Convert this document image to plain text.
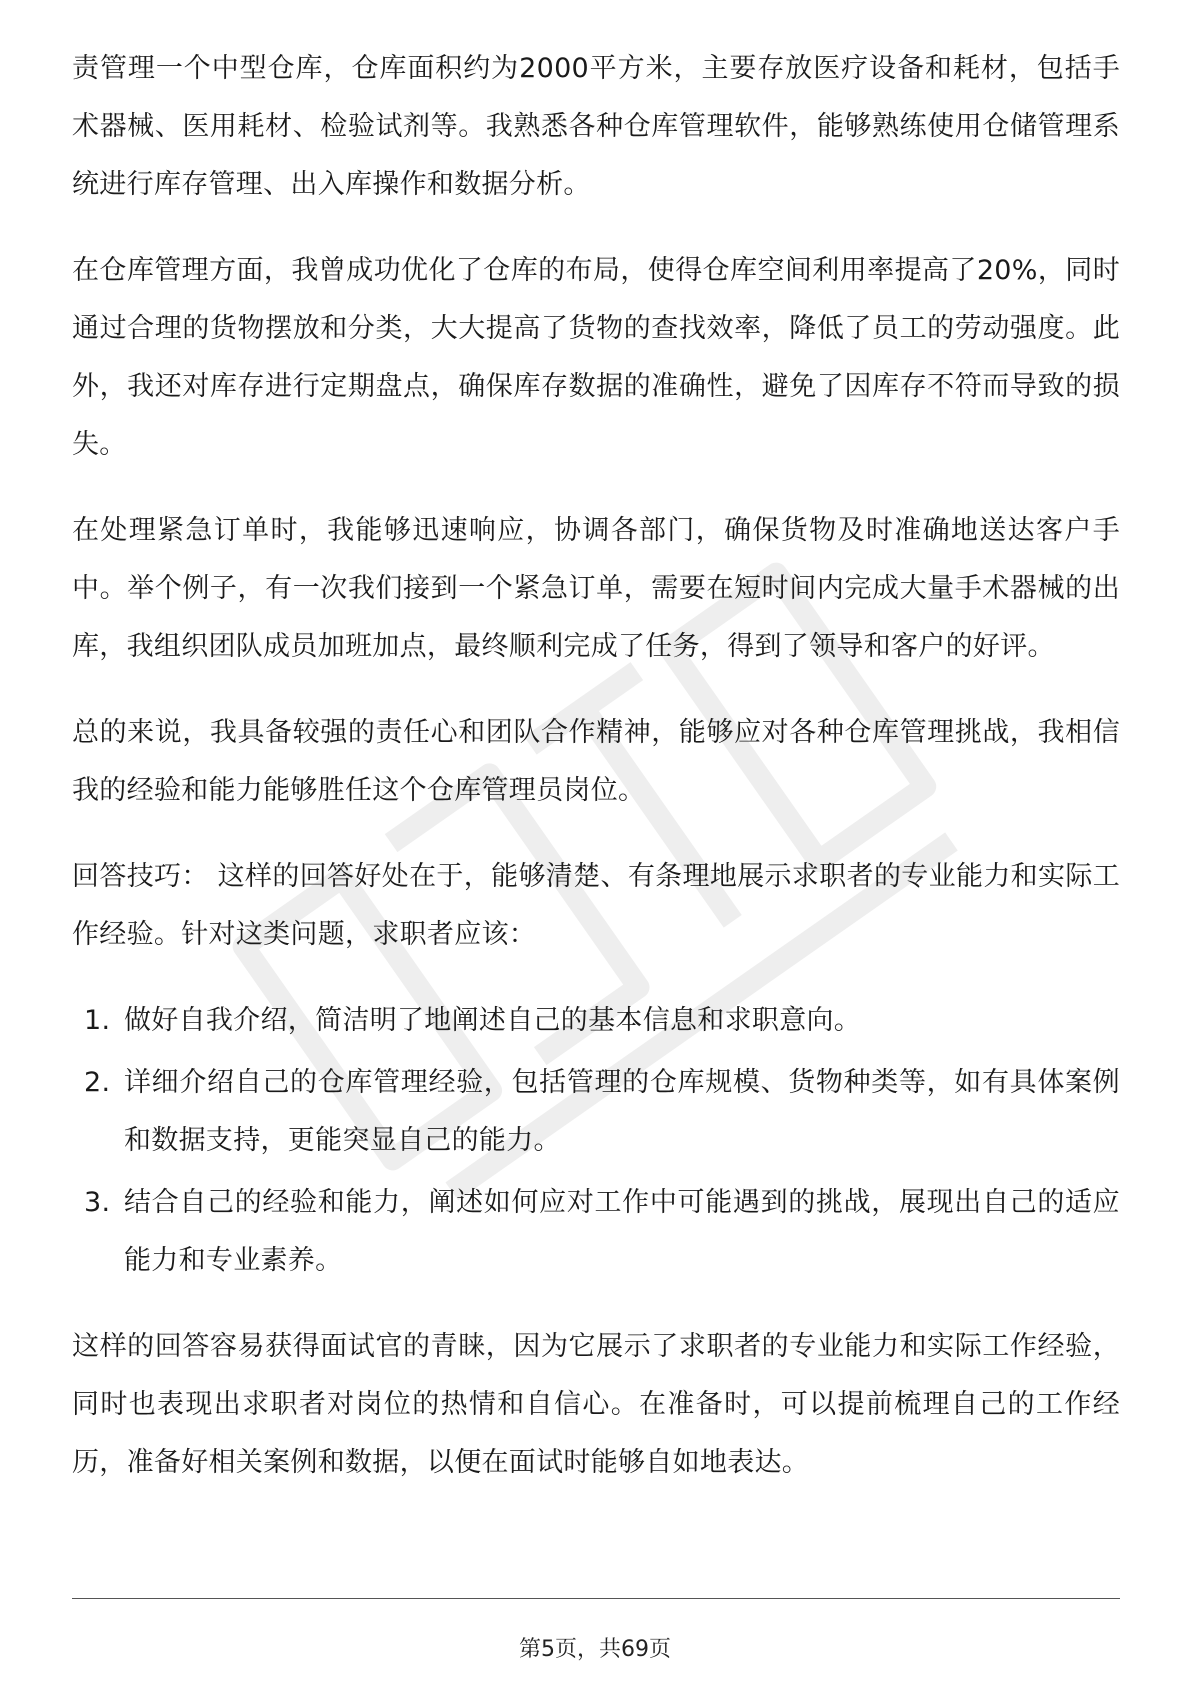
责管理一个中型仓库，仓库面积约为2000平方米，主要存放医疗设备和耗材，包括手术器械、医用耗材、检验试剂等。我熟悉各种仓库管理软件，能够熟练使用仓储管理系统进行库存管理、出入库操作和数据分析。

在仓库管理方面，我曾成功优化了仓库的布局，使得仓库空间利用率提高了20%，同时通过合理的货物摆放和分类，大大提高了货物的查找效率，降低了员工的劳动强度。此外，我还对库存进行定期盘点，确保库存数据的准确性，避免了因库存不符而导致的损失。

在处理紧急订单时，我能够迅速响应，协调各部门，确保货物及时准确地送达客户手中。举个例子，有一次我们接到一个紧急订单，需要在短时间内完成大量手术器械的出库，我组织团队成员加班加点，最终顺利完成了任务，得到了领导和客户的好评。

总的来说，我具备较强的责任心和团队合作精神，能够应对各种仓库管理挑战，我相信我的经验和能力能够胜任这个仓库管理员岗位。

回答技巧： 这样的回答好处在于，能够清楚、有条理地展示求职者的专业能力和实际工作经验。针对这类问题，求职者应该：

1. 做好自我介绍，简洁明了地阐述自己的基本信息和求职意向。
2. 详细介绍自己的仓库管理经验，包括管理的仓库规模、货物种类等，如有具体案例和数据支持，更能突显自己的能力。
3. 结合自己的经验和能力，阐述如何应对工作中可能遇到的挑战，展现出自己的适应能力和专业素养。

这样的回答容易获得面试官的青睐，因为它展示了求职者的专业能力和实际工作经验，同时也表现出求职者对岗位的热情和自信心。在准备时，可以提前梳理自己的工作经历，准备好相关案例和数据，以便在面试时能够自如地表达。

第5页，共69页
